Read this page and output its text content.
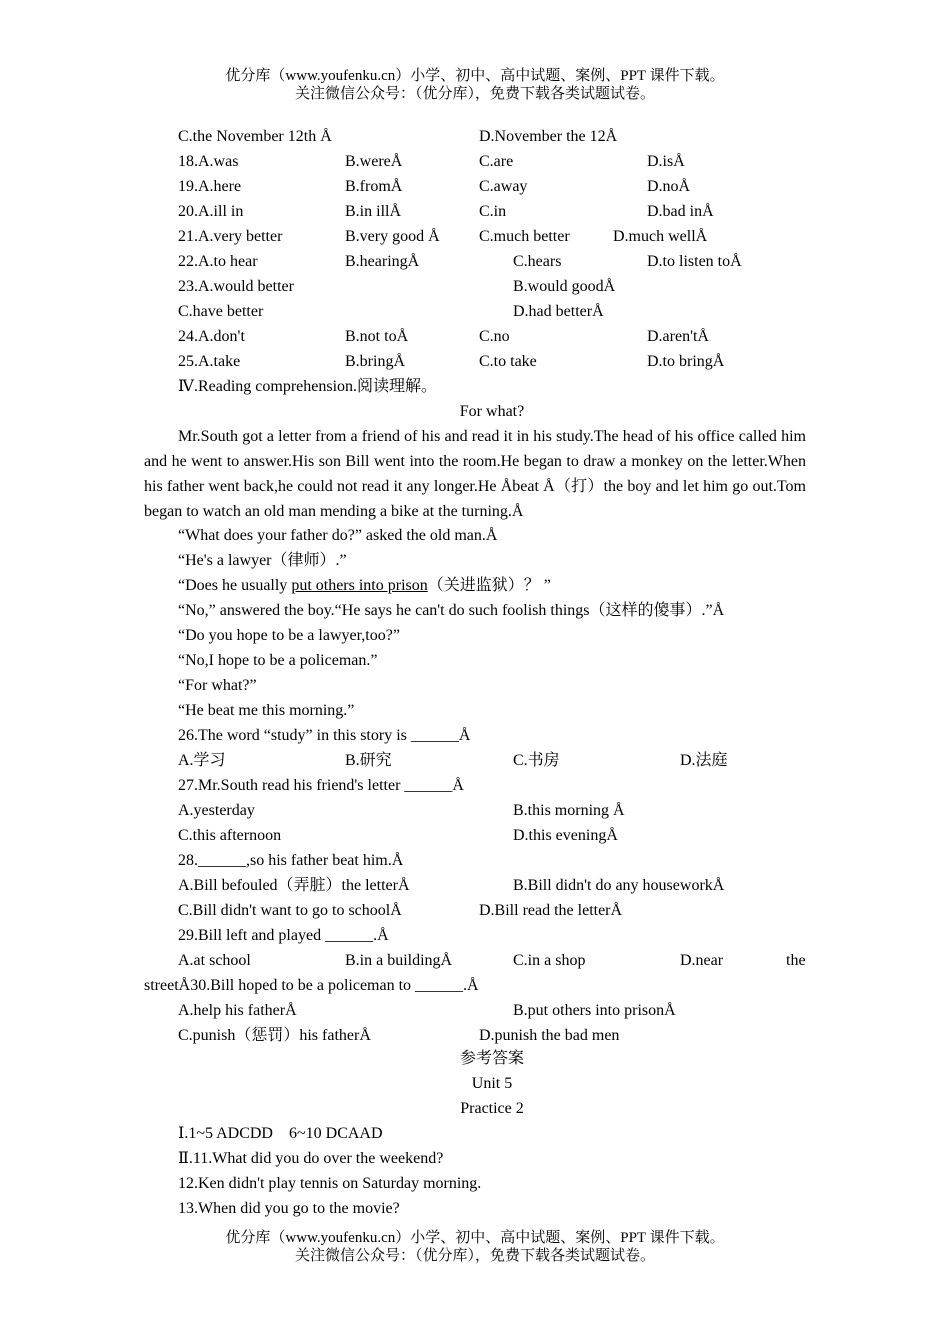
优分库（www.youfenku.cn）小学、初中、高中试题、案例、PPT 课件下载。
关注微信公众号：（优分库），免费下载各类试题试卷。
C.the November 12th Å	D.November the 12Å
18.A.was	B.wereÅ	C.are	D.isÅ
19.A.here	B.fromÅ	C.away	D.noÅ
20.A.ill in	B.in illÅ	C.in	D.bad inÅ
21.A.very better	B.very good Å C.much better	D.much wellÅ
22.A.to hear	B.hearingÅ	C.hears	D.to listen toÅ
23.A.would better	B.would goodÅ
C.have better	D.had betterÅ
24.A.don't	B.not toÅ	C.no	D.aren'tÅ
25.A.take	B.bringÅ	C.to take	D.to bringÅ
Ⅳ.Reading comprehension.阅读理解。
For what?
Mr.South got a letter from a friend of his and read it in his study.The head of his office called him and he went to answer.His son Bill went into the room.He began to draw a monkey on the letter.When his father went back,he could not read it any longer.He Åbeat Å（打）the boy and let him go out.Tom began to watch an old man mending a bike at the turning.Å
“What does your father do?” asked the old man.Å
“He's a lawyer（律师）.”
“Does he usually put others into prison（关进监狱）？ ”
“No,” answered the boy.“He says he can't do such foolish things（这样的傻事）.”Å
“Do you hope to be a lawyer,too?”
“No,I hope to be a policeman.”
“For what?”
“He beat me this morning.”
26.The word “study” in this story is ______Å
A.学习	B.研究	C.书房	D.法庭
27.Mr.South read his friend's letter ______Å
A.yesterday	B.this morning Å
C.this afternoon	D.this eveningÅ
28.______,so his father beat him.Å
A.Bill befouled（弄脏）the letterÅ	B.Bill didn't do any houseworkÅ
C.Bill didn't want to go to schoolÅ	D.Bill read the letterÅ
29.Bill left and played ______.Å
A.at school	B.in a buildingÅ	C.in a shop	D.near	the
streetÅ30.Bill hoped to be a policeman to ______.Å
A.help his fatherÅ	B.put others into prisonÅ
C.punish（惩罚）his fatherÅ	D.punish the bad men
参考答案
Unit 5
Practice 2
Ⅰ.1~5 ADCDD    6~10 DCAAD
Ⅱ.11.What did you do over the weekend?
12.Ken didn't play tennis on Saturday morning.
13.When did you go to the movie?
优分库（www.youfenku.cn）小学、初中、高中试题、案例、PPT 课件下载。
关注微信公众号：（优分库），免费下载各类试题试卷。
